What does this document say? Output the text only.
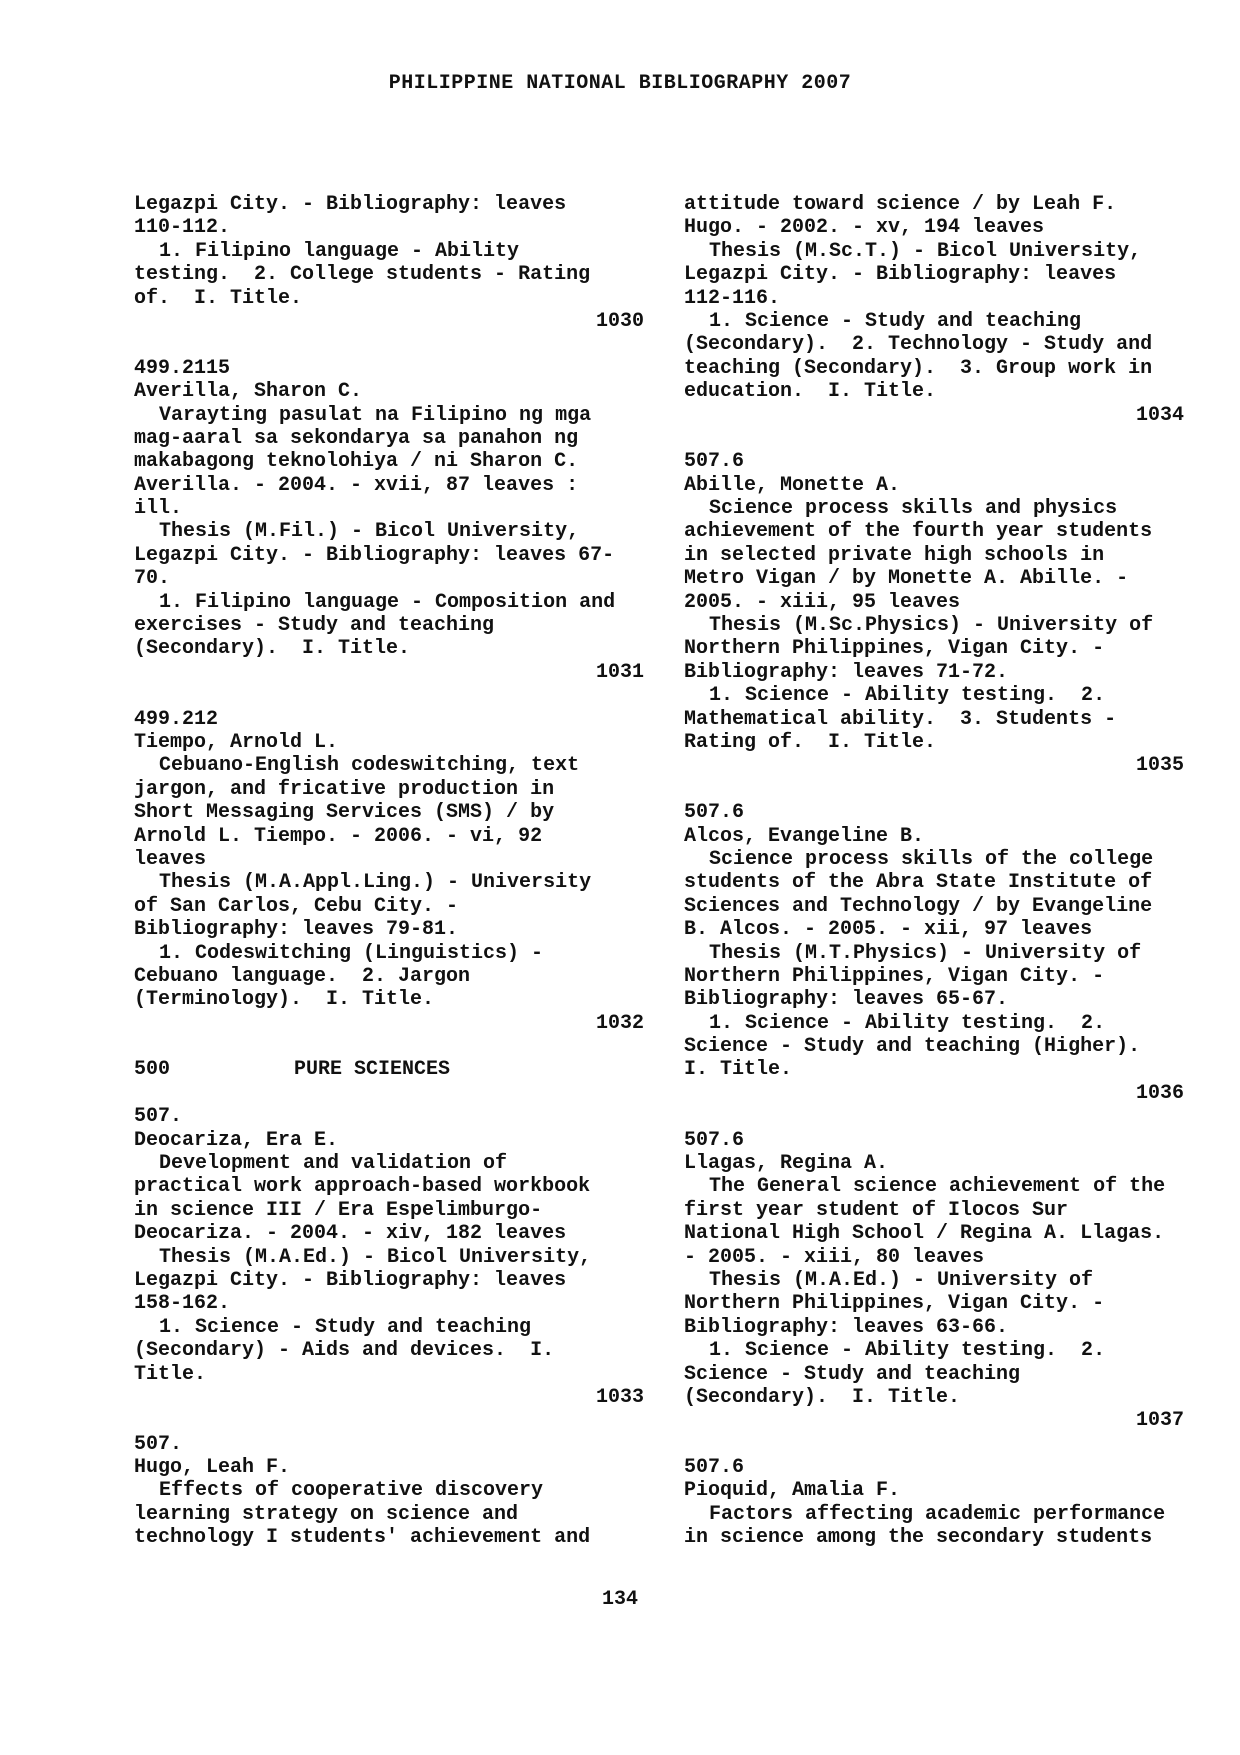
PHILIPPINE NATIONAL BIBLIOGRAPHY 2007
Legazpi City. - Bibliography: leaves
110-112.
1. Filipino language - Ability
testing.  2. College students - Rating
of.  I. Title.
1030
499.2115
Averilla, Sharon C.
Varayting pasulat na Filipino ng mga
mag-aaral sa sekondarya sa panahon ng
makabagong teknolohiya / ni Sharon C.
Averilla. - 2004. - xvii, 87 leaves :
ill.
Thesis (M.Fil.) - Bicol University,
Legazpi City. - Bibliography: leaves 67-
70.
1. Filipino language - Composition and
exercises - Study and teaching
(Secondary).  I. Title.
1031
499.212
Tiempo, Arnold L.
Cebuano-English codeswitching, text
jargon, and fricative production in
Short Messaging Services (SMS) / by
Arnold L. Tiempo. - 2006. - vi, 92
leaves
Thesis (M.A.Appl.Ling.) - University
of San Carlos, Cebu City. -
Bibliography: leaves 79-81.
1. Codeswitching (Linguistics) -
Cebuano language.  2. Jargon
(Terminology).  I. Title.
1032
500	PURE SCIENCES
507.
Deocariza, Era E.
Development and validation of
practical work approach-based workbook
in science III / Era Espelimburgo-
Deocariza. - 2004. - xiv, 182 leaves
Thesis (M.A.Ed.) - Bicol University,
Legazpi City. - Bibliography: leaves
158-162.
1. Science - Study and teaching
(Secondary) - Aids and devices.  I.
Title.
1033
507.
Hugo, Leah F.
Effects of cooperative discovery
learning strategy on science and
technology I students' achievement and
attitude toward science / by Leah F.
Hugo. - 2002. - xv, 194 leaves
Thesis (M.Sc.T.) - Bicol University,
Legazpi City. - Bibliography: leaves
112-116.
1. Science - Study and teaching
(Secondary).  2. Technology - Study and
teaching (Secondary).  3. Group work in
education.  I. Title.
1034
507.6
Abille, Monette A.
Science process skills and physics
achievement of the fourth year students
in selected private high schools in
Metro Vigan / by Monette A. Abille. -
2005. - xiii, 95 leaves
Thesis (M.Sc.Physics) - University of
Northern Philippines, Vigan City. -
Bibliography: leaves 71-72.
1. Science - Ability testing.  2.
Mathematical ability.  3. Students -
Rating of.  I. Title.
1035
507.6
Alcos, Evangeline B.
Science process skills of the college
students of the Abra State Institute of
Sciences and Technology / by Evangeline
B. Alcos. - 2005. - xii, 97 leaves
Thesis (M.T.Physics) - University of
Northern Philippines, Vigan City. -
Bibliography: leaves 65-67.
1. Science - Ability testing.  2.
Science - Study and teaching (Higher).
I. Title.
1036
507.6
Llagas, Regina A.
The General science achievement of the
first year student of Ilocos Sur
National High School / Regina A. Llagas.
- 2005. - xiii, 80 leaves
Thesis (M.A.Ed.) - University of
Northern Philippines, Vigan City. -
Bibliography: leaves 63-66.
1. Science - Ability testing.  2.
Science - Study and teaching
(Secondary).  I. Title.
1037
507.6
Pioquid, Amalia F.
Factors affecting academic performance
in science among the secondary students
134
